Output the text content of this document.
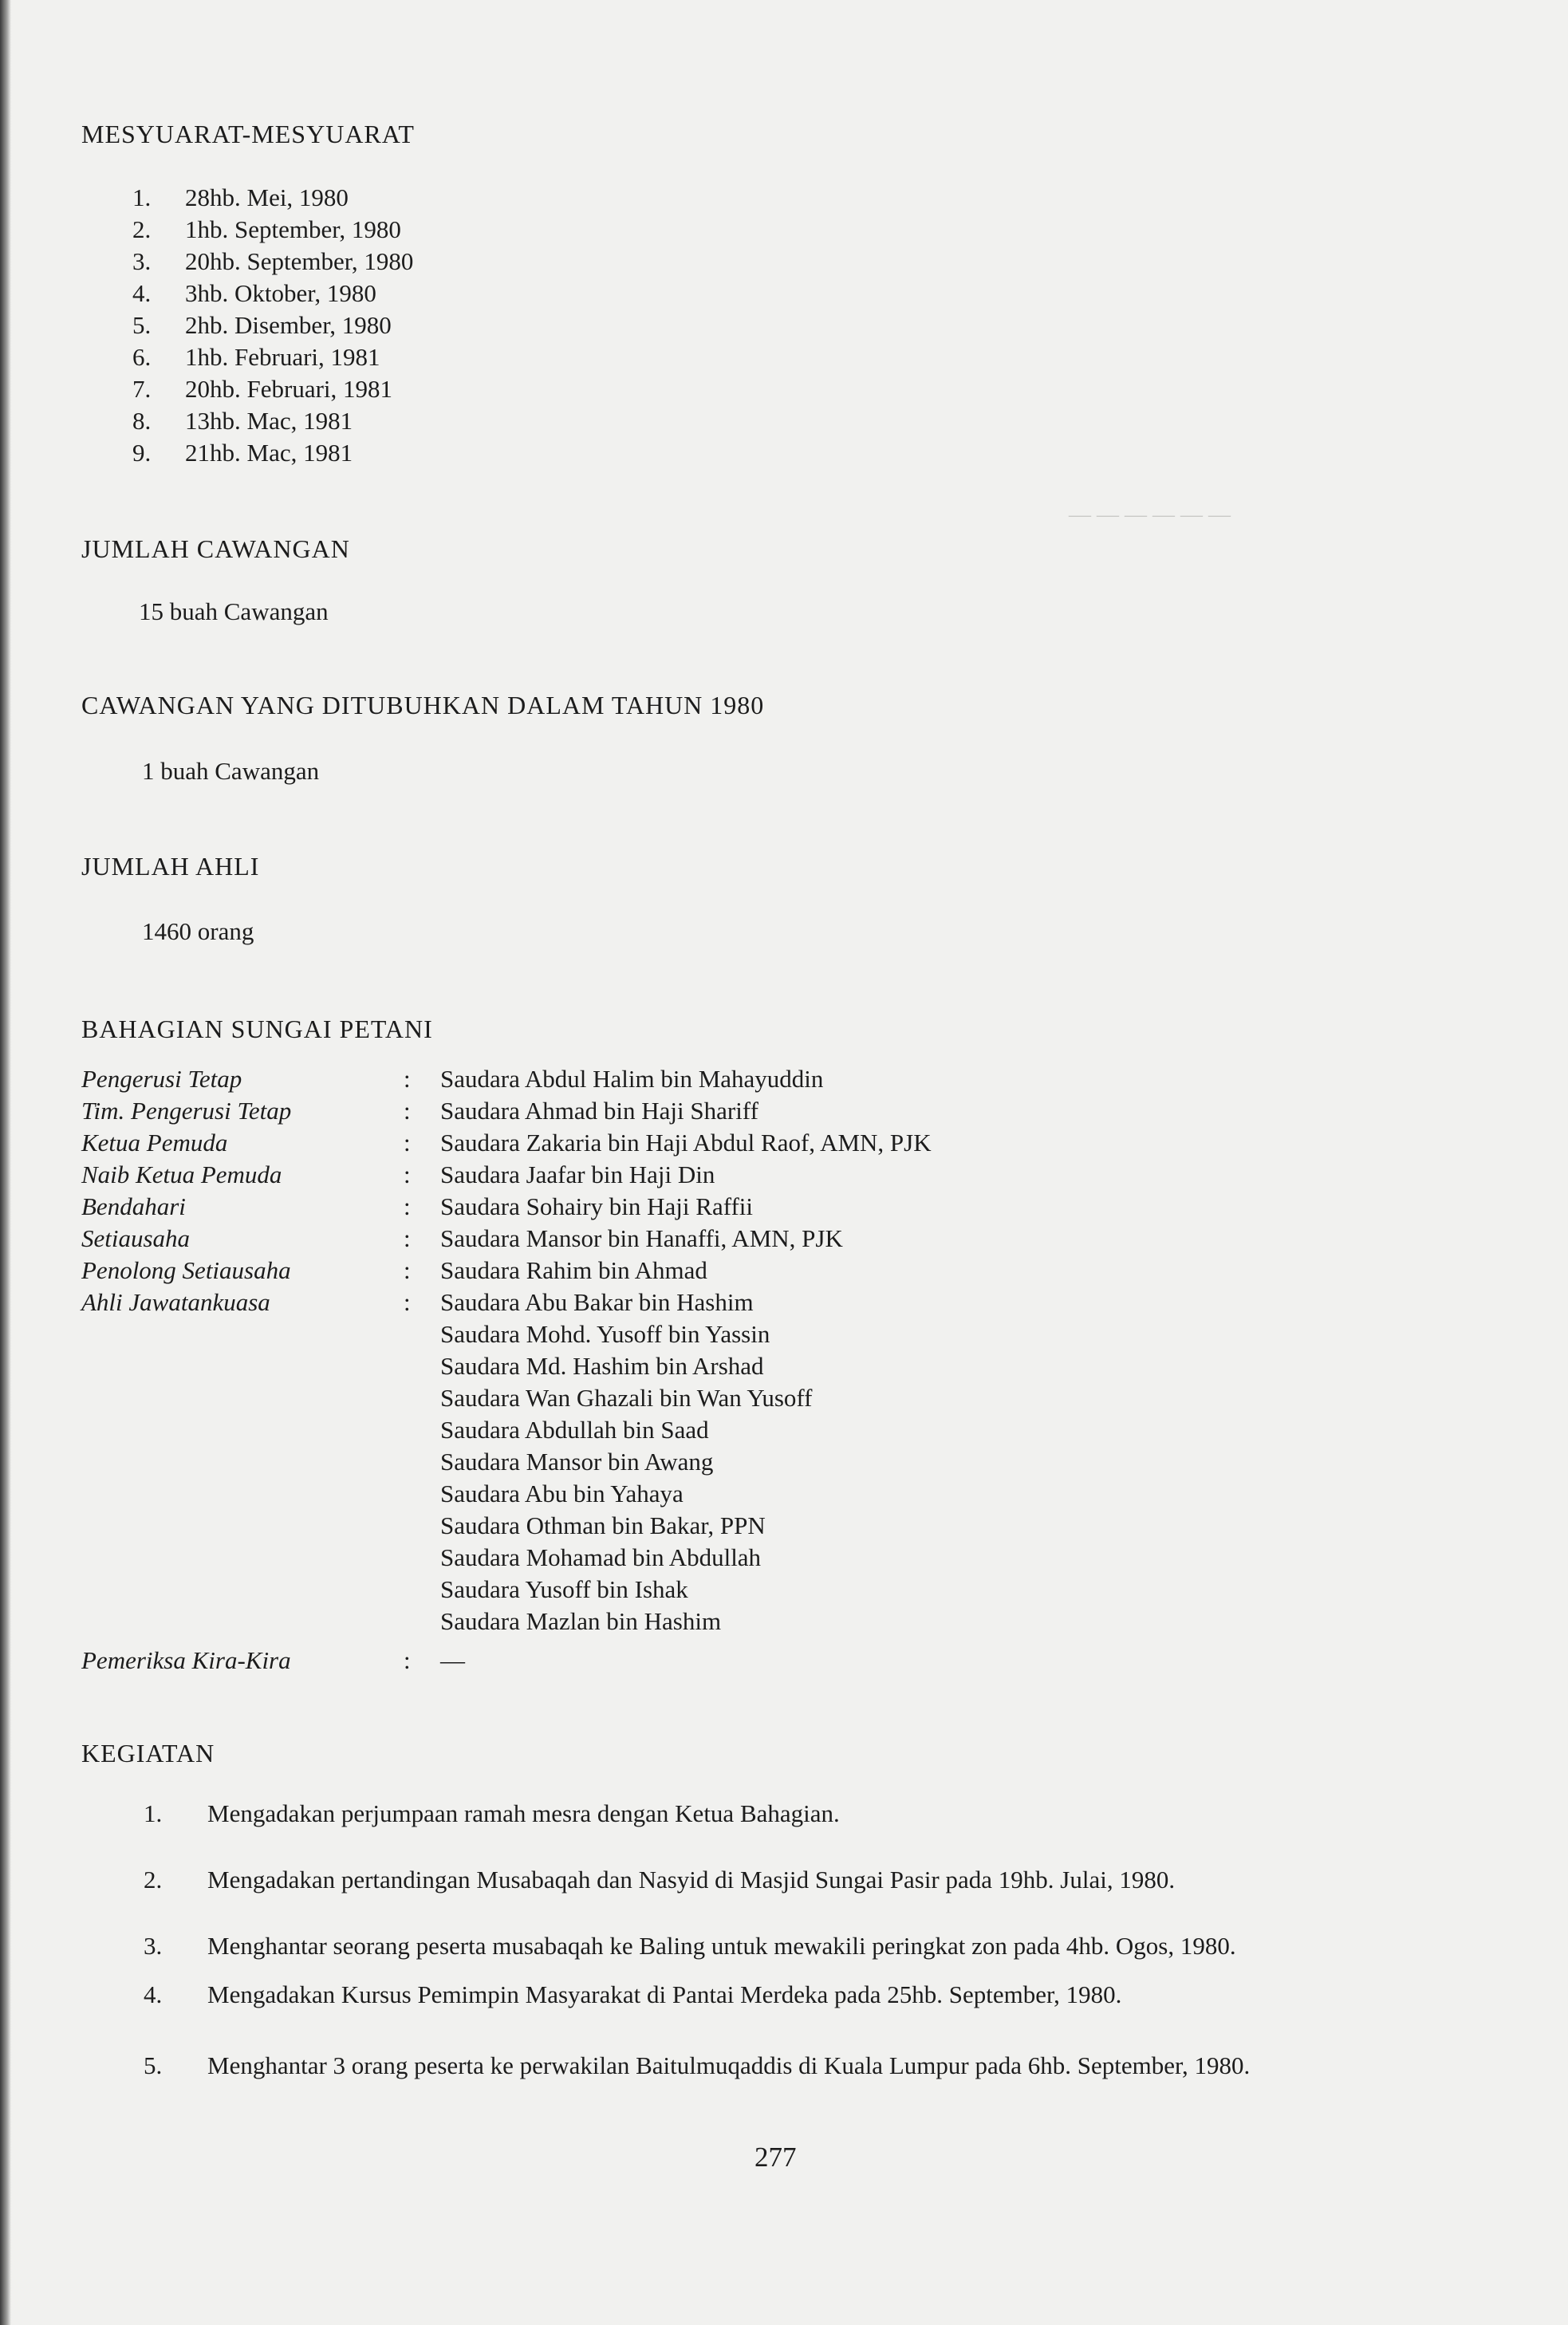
— — — — — —
MESYUARAT-MESYUARAT
1. 28hb. Mei, 1980
2. 1hb. September, 1980
3. 20hb. September, 1980
4. 3hb. Oktober, 1980
5. 2hb. Disember, 1980
6. 1hb. Februari, 1981
7. 20hb. Februari, 1981
8. 13hb. Mac, 1981
9. 21hb. Mac, 1981
JUMLAH CAWANGAN
15 buah Cawangan
CAWANGAN YANG DITUBUHKAN DALAM TAHUN 1980
1 buah Cawangan
JUMLAH AHLI
1460 orang
BAHAGIAN SUNGAI PETANI
Pengerusi Tetap	: Saudara Abdul Halim bin Mahayuddin
Tim. Pengerusi Tetap	: Saudara Ahmad bin Haji Shariff
Ketua Pemuda	: Saudara Zakaria bin Haji Abdul Raof, AMN, PJK
Naib Ketua Pemuda	: Saudara Jaafar bin Haji Din
Bendahari	: Saudara Sohairy bin Haji Raffii
Setiausaha	: Saudara Mansor bin Hanaffi, AMN, PJK
Penolong Setiausaha	: Saudara Rahim bin Ahmad
Ahli Jawatankuasa	: Saudara Abu Bakar bin Hashim
Saudara Mohd. Yusoff bin Yassin
Saudara Md. Hashim bin Arshad
Saudara Wan Ghazali bin Wan Yusoff
Saudara Abdullah bin Saad
Saudara Mansor bin Awang
Saudara Abu bin Yahaya
Saudara Othman bin Bakar, PPN
Saudara Mohamad bin Abdullah
Saudara Yusoff bin Ishak
Saudara Mazlan bin Hashim
Pemeriksa Kira-Kira	: —
KEGIATAN
1. Mengadakan perjumpaan ramah mesra dengan Ketua Bahagian.
2. Mengadakan pertandingan Musabaqah dan Nasyid di Masjid Sungai Pasir pada 19hb. Julai, 1980.
3. Menghantar seorang peserta musabaqah ke Baling untuk mewakili peringkat zon pada 4hb. Ogos, 1980.
4. Mengadakan Kursus Pemimpin Masyarakat di Pantai Merdeka pada 25hb. September, 1980.
5. Menghantar 3 orang peserta ke perwakilan Baitulmuqaddis di Kuala Lumpur pada 6hb. September, 1980.
277
